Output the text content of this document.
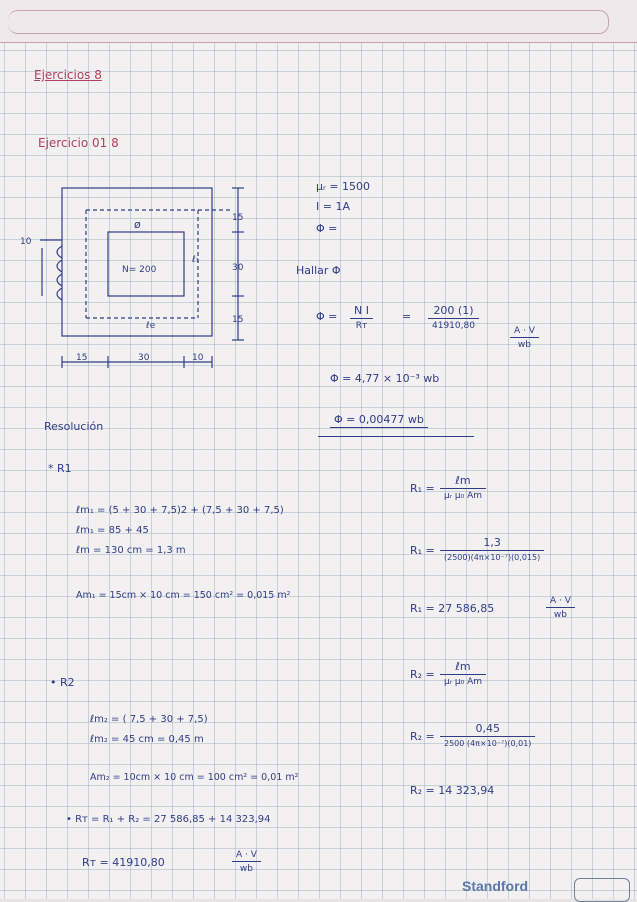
Ejercicios 8
Ejercicio 01 8
ø
N= 200
ℓ₁
ℓe
10
15
30
15
15	30	10
μᵣ = 1500
I = 1A
Φ =
Hallar Φ
Φ =	N I
Rᴛ
=	200 (1)
41910,80	$\frac{A \cdot V}{wb}$
Φ = 4,77 × 10⁻³ wb
Φ = 0,00477 wb
Resolución
* R1
ℓm₁ = (5 + 30 + 7,5)2 + (7,5 + 30 + 7,5)
ℓm₁ = 85 + 45
ℓm = 130 cm = 1,3 m
Am₁ = 15cm × 10 cm = 150 cm² = 0,015 m²
R₁ =
ℓm
μᵣ μ₀ Am
R₁ =
1,3
(2500)(4π×10⁻⁷)(0,015)
R₁ = 27 586,85	$\frac{A \cdot V}{wb}$
• R2
ℓm₂ = ( 7,5 + 30 + 7,5)
ℓm₂ = 45 cm = 0,45 m
Am₂ = 10cm × 10 cm = 100 cm² = 0,01 m²
R₂ =
ℓm
μᵣ μ₀ Am
R₂ =
0,45
2500 (4π×10⁻⁷)(0,01)
R₂ = 14 323,94
• Rᴛ = R₁ + R₂ = 27 586,85 + 14 323,94
Rᴛ = 41910,80	$\frac{A \cdot V}{wb}$
Standford
